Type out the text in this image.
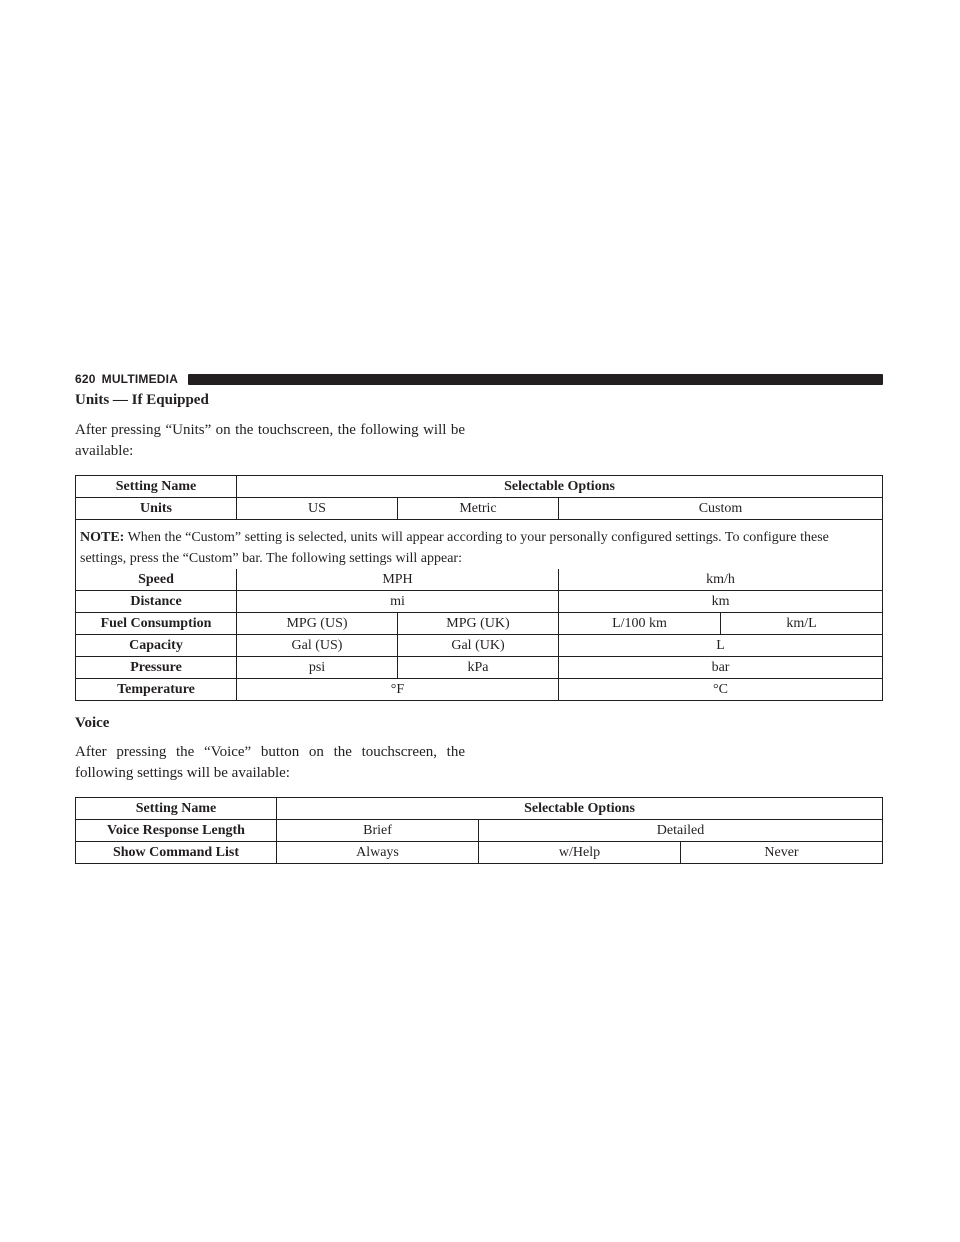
620 MULTIMEDIA
Units — If Equipped
After pressing “Units” on the touchscreen, the following will be available:
Setting Name	Selectable Options			
Units	US	Metric	Custom	
NOTE: When the “Custom” setting is selected, units will appear according to your personally configured settings. To configure these settings, press the “Custom” bar. The following settings will appear:				
Speed	MPH		km/h	
Distance	mi		km	
Fuel Consumption	MPG (US)	MPG (UK)	L/100 km	km/L
Capacity	Gal (US)	Gal (UK)	L	
Pressure	psi	kPa	bar	
Temperature	°F		°C	
Voice
After pressing the “Voice” button on the touchscreen, the following settings will be available:
Setting Name	Selectable Options		
Voice Response Length	Brief	Detailed	
Show Command List	Always	w/Help	Never
